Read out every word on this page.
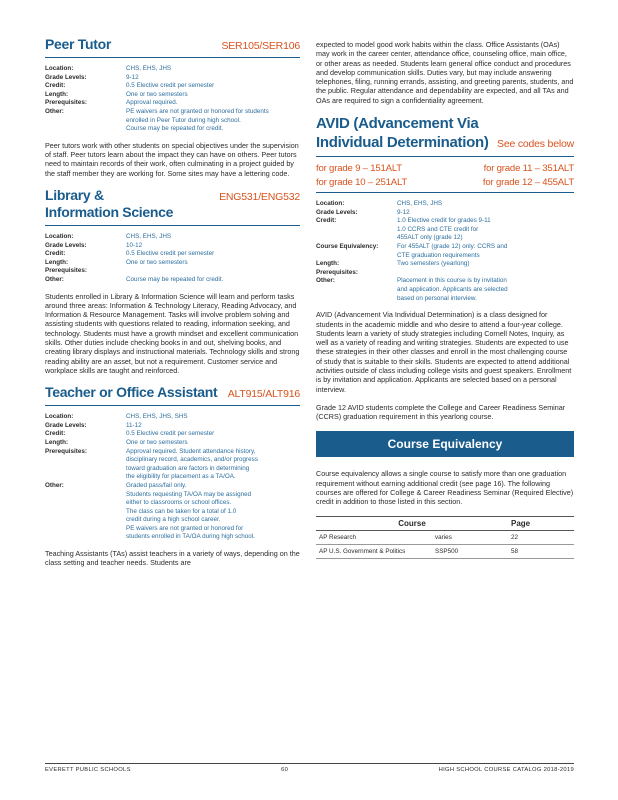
Peer Tutor	SER105/SER106
Location:	CHS, EHS, JHS
Grade Levels:	9-12
Credit:	0.5 Elective credit per semester
Length:	One or two semesters
Prerequisites:	Approval required.
Other:	PE waivers are not granted or honored for students
enrolled in Peer Tutor during high school.
Course may be repeated for credit.

Peer tutors work with other students on special objectives under the supervision of staff. Peer tutors learn about the impact they can have on others. Peer tutors need to maintain records of their work, often culminating in a project guided by the staff member they are working for. Some sites may have a lettering code.

Library &
Information Science
ENG531/ENG532
Location:	CHS, EHS, JHS
Grade Levels:	10-12
Credit:	0.5 Elective credit per semester
Length:	One or two semesters
Prerequisites:

Other:	Course may be repeated for credit.

Students enrolled in Library & Information Science will learn and perform tasks around three areas: Information & Technology Literacy, Reading Advocacy, and Information & Resource Management. Tasks will involve problem solving and assisting students with questions related to reading, information seeking, and technology. Students must have a growth mindset and excellent communication skills. Other duties include checking books in and out, shelving books, and creating library displays and instructional materials. Technology skills and strong reading ability are an asset, but not a requirement. Customer service and workplace skills are taught and reinforced.

Teacher or Office Assistant ALT915/ALT916
Location:	CHS, EHS, JHS, SHS
Grade Levels:	11-12
Credit:	0.5 Elective credit per semester
Length:	One or two semesters
Prerequisites:	Approval required. Student attendance history,
disciplinary record, academics, and/or progress
toward graduation are factors in determining
the eligibility for placement as a TA/OA.
Other:	Graded pass/fail only.
Students requesting TA/OA may be assigned
either to classrooms or school offices.
The class can be taken for a total of 1.0
credit during a high school career.
PE waivers are not granted or honored for
students enrolled in TA/OA during high school.

Teaching Assistants (TAs) assist teachers in a variety of ways, depending on the class setting and teacher needs. Students are

expected to model good work habits within the class. Office Assistants (OAs) may work in the career center, attendance office, counseling office, main office, or other areas as needed. Students learn general office conduct and procedures and develop communication skills. Duties vary, but may include answering telephones, filing, running errands, assisting, and greeting parents, students, and the public. Regular attendance and dependability are expected, and all TAs and OAs are required to sign a confidentiality agreement.

AVID (Advancement Via
Individual Determination) See codes below
for grade 9 – 151ALT	for grade 11 – 351ALT
for grade 10 – 251ALT	for grade 12 – 455ALT
Location:	CHS, EHS, JHS
Grade Levels:	9-12
Credit:	1.0 Elective credit for grades 9-11
1.0 CCRS and CTE credit for
455ALT only (grade 12)
Course Equivalency:	For 455ALT (grade 12) only: CCRS and
CTE graduation requirements
Length:	Two semesters (yearlong)
Prerequisites:

Other:	Placement in this course is by invitation
and application. Applicants are selected
based on personal interview.

AVID (Advancement Via Individual Determination) is a class designed for students in the academic middle and who desire to attend a four-year college. Students learn a variety of study strategies including Cornell Notes, Inquiry, as well as a variety of reading and writing strategies. Students are expected to use these strategies in their other classes and enroll in the most challenging course of study that is suitable to their skills. Students are expected to attend additional activities outside of class including college visits and guest speakers. Enrollment is by invitation and application. Applicants are selected based on a personal interview.

Grade 12 AVID students complete the College and Career Readiness Seminar (CCRS) graduation requirement in this yearlong course.

Course Equivalency

Course equivalency allows a single course to satisfy more than one graduation requirement without earning additional credit (see page 16). The following courses are offered for College & Career Readiness Seminar (Required Elective) credit in addition to those listed in this section.

Course		Page
AP Research	varies	22
AP U.S. Government & Politics	SSP500	58
EVERETT PUBLIC SCHOOLS	60	HIGH SCHOOL COURSE CATALOG 2018-2019
